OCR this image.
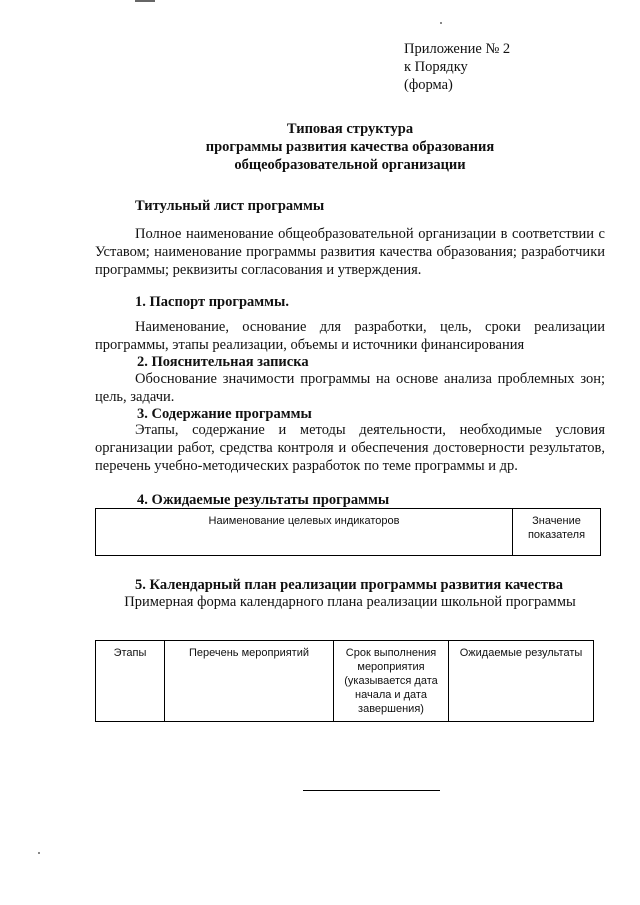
Приложение № 2
к Порядку
(форма)
Типовая структура
программы развития качества образования
общеобразовательной организации
Титульный лист программы
Полное наименование общеобразовательной организации в соответствии с Уставом; наименование программы развития качества образования; разработчики программы; реквизиты согласования и утверждения.
1. Паспорт программы.
Наименование, основание для разработки, цель, сроки реализации программы, этапы реализации, объемы и источники финансирования
2. Пояснительная записка
Обоснование значимости программы на основе анализа проблемных зон; цель, задачи.
3. Содержание программы
Этапы, содержание и методы деятельности, необходимые условия организации работ, средства контроля и обеспечения достоверности результатов, перечень учебно-методических разработок по теме программы и др.
4. Ожидаемые результаты программы
Наименование целевых индикаторов	Значение показателя
5. Календарный план реализации программы развития качества
Примерная форма календарного плана реализации школьной программы
Этапы	Перечень мероприятий	Срок выполнения мероприятия (указывается дата начала и дата завершения)	Ожидаемые результаты
